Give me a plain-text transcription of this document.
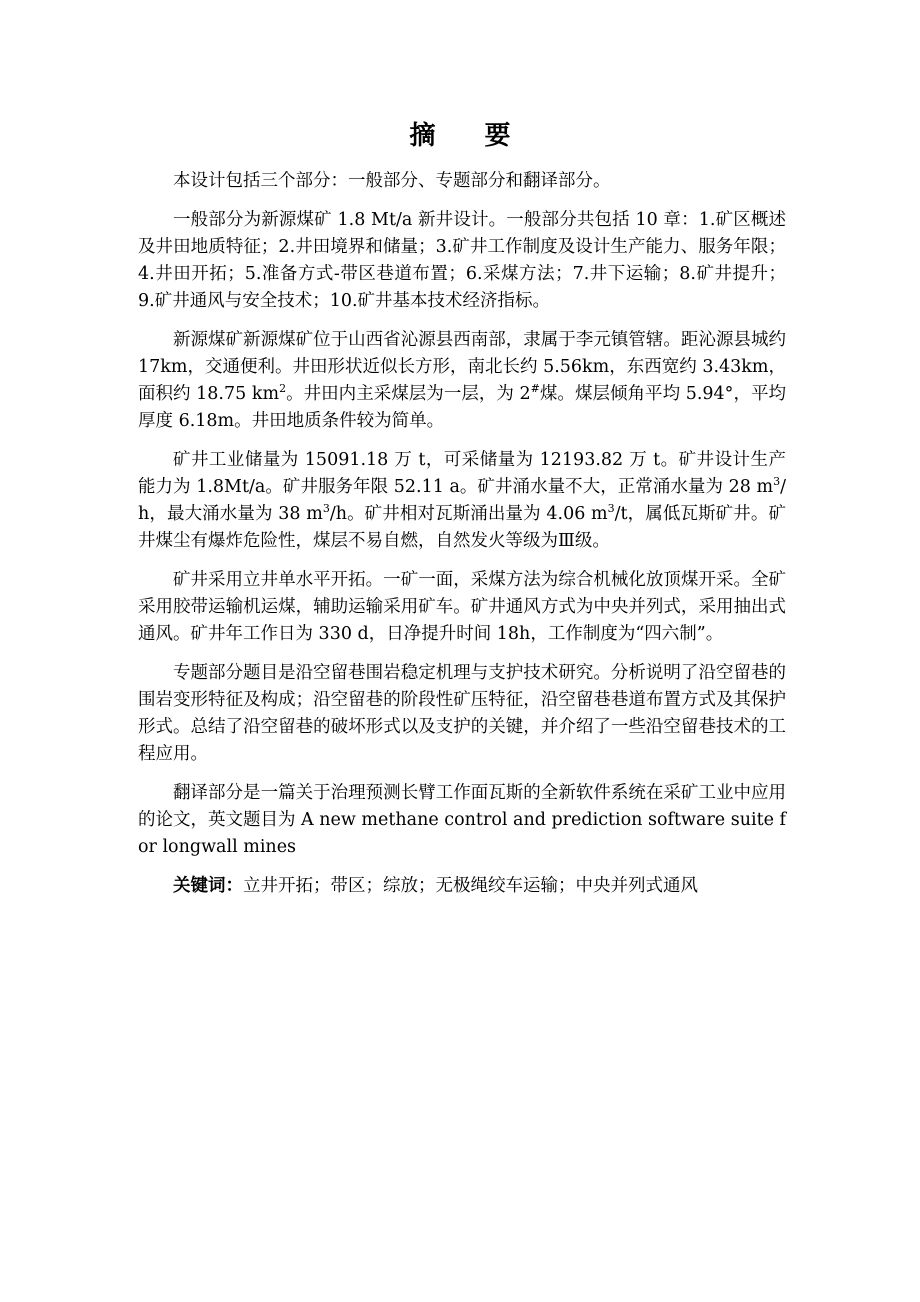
摘 要

本设计包括三个部分：一般部分、专题部分和翻译部分。

一般部分为新源煤矿 1.8 Mt/a 新井设计。一般部分共包括 10 章：1.矿区概述及井田地质特征；2.井田境界和储量；3.矿井工作制度及设计生产能力、服务年限；4.井田开拓；5.准备方式-带区巷道布置；6.采煤方法；7.井下运输；8.矿井提升；9.矿井通风与安全技术；10.矿井基本技术经济指标。

新源煤矿新源煤矿位于山西省沁源县西南部，隶属于李元镇管辖。距沁源县城约 17km，交通便利。井田形状近似长方形，南北长约 5.56km，东西宽约 3.43km，面积约 18.75 $km^2$。井田内主采煤层为一层，为 2#煤。煤层倾角平均 5.94°，平均厚度 6.18m。井田地质条件较为简单。

矿井工业储量为 15091.18 万 t，可采储量为 12193.82 万 t。矿井设计生产能力为 1.8Mt/a。矿井服务年限 52.11 a。矿井涌水量不大，正常涌水量为 28 $m^3/h$，最大涌水量为 38 $m^3/h$。矿井相对瓦斯涌出量为 4.06 $m^3/t$，属低瓦斯矿井。矿井煤尘有爆炸危险性，煤层不易自燃，自然发火等级为Ⅲ级。

矿井采用立井单水平开拓。一矿一面，采煤方法为综合机械化放顶煤开采。全矿采用胶带运输机运煤，辅助运输采用矿车。矿井通风方式为中央并列式，采用抽出式通风。矿井年工作日为 330 d，日净提升时间 18h，工作制度为“四六制”。

专题部分题目是沿空留巷围岩稳定机理与支护技术研究。分析说明了沿空留巷的围岩变形特征及构成；沿空留巷的阶段性矿压特征，沿空留巷巷道布置方式及其保护形式。总结了沿空留巷的破坏形式以及支护的关键，并介绍了一些沿空留巷技术的工程应用。

翻译部分是一篇关于治理预测长臂工作面瓦斯的全新软件系统在采矿工业中应用的论文，英文题目为 A new methane control and prediction software suite for longwall mines

关键词：立井开拓；带区；综放；无极绳绞车运输；中央并列式通风
